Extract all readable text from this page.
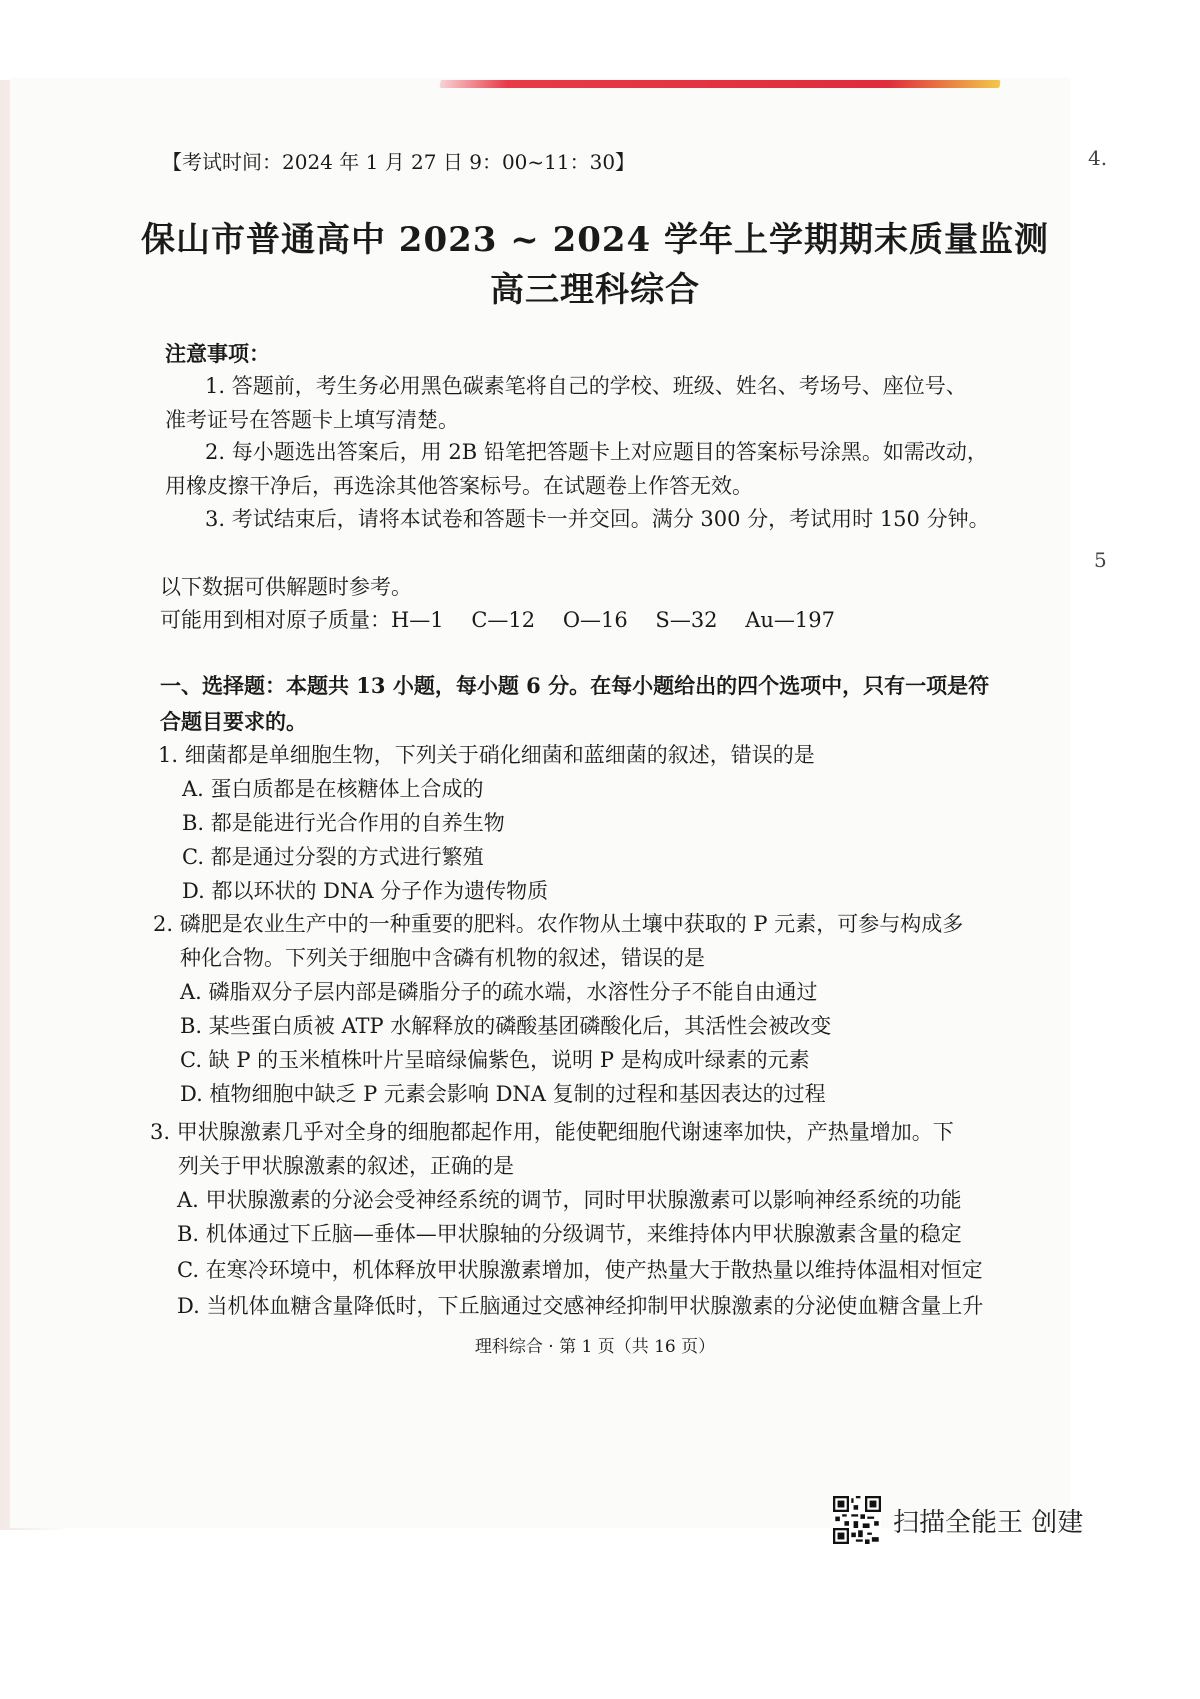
4.
5
【考试时间：2024 年 1 月 27 日 9：00~11：30】
保山市普通高中 2023 ~ 2024 学年上学期期末质量监测
高三理科综合
注意事项：
1. 答题前，考生务必用黑色碳素笔将自己的学校、班级、姓名、考场号、座位号、
准考证号在答题卡上填写清楚。
2. 每小题选出答案后，用 2B 铅笔把答题卡上对应题目的答案标号涂黑。如需改动，
用橡皮擦干净后，再选涂其他答案标号。在试题卷上作答无效。
3. 考试结束后，请将本试卷和答题卡一并交回。满分 300 分，考试用时 150 分钟。
以下数据可供解题时参考。
可能用到相对原子质量：H—1　 C—12　 O—16　 S—32　 Au—197
一、选择题：本题共 13 小题，每小题 6 分。在每小题给出的四个选项中，只有一项是符
合题目要求的。
1. 细菌都是单细胞生物，下列关于硝化细菌和蓝细菌的叙述，错误的是
A. 蛋白质都是在核糖体上合成的
B. 都是能进行光合作用的自养生物
C. 都是通过分裂的方式进行繁殖
D. 都以环状的 DNA 分子作为遗传物质
2. 磷肥是农业生产中的一种重要的肥料。农作物从土壤中获取的 P 元素，可参与构成多
种化合物。下列关于细胞中含磷有机物的叙述，错误的是
A. 磷脂双分子层内部是磷脂分子的疏水端，水溶性分子不能自由通过
B. 某些蛋白质被 ATP 水解释放的磷酸基团磷酸化后，其活性会被改变
C. 缺 P 的玉米植株叶片呈暗绿偏紫色，说明 P 是构成叶绿素的元素
D. 植物细胞中缺乏 P 元素会影响 DNA 复制的过程和基因表达的过程
3. 甲状腺激素几乎对全身的细胞都起作用，能使靶细胞代谢速率加快，产热量增加。下
列关于甲状腺激素的叙述，正确的是
A. 甲状腺激素的分泌会受神经系统的调节，同时甲状腺激素可以影响神经系统的功能
B. 机体通过下丘脑—垂体—甲状腺轴的分级调节，来维持体内甲状腺激素含量的稳定
C. 在寒冷环境中，机体释放甲状腺激素增加，使产热量大于散热量以维持体温相对恒定
D. 当机体血糖含量降低时，下丘脑通过交感神经抑制甲状腺激素的分泌使血糖含量上升
理科综合 · 第 1 页（共 16 页）
扫描全能王 创建
